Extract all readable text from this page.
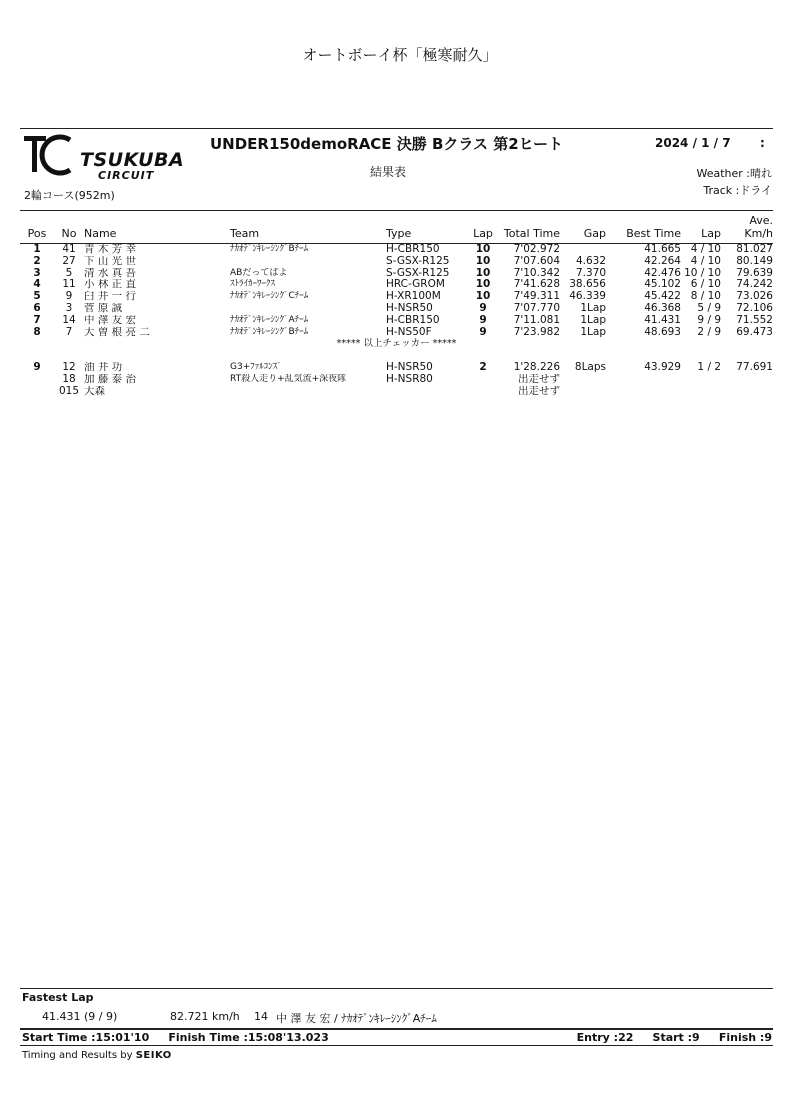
オートボーイ杯「極寒耐久」
TSUKUBA
CIRCUIT
2輪コース(952m)
UNDER150demoRACE 決勝 Bクラス 第2ヒート	2024 / 1 / 7 :
結果表	Weather :晴れ
Track :ドライ
Pos	No	Name	Team	Type	Lap	Total Time	Gap	Best Time	Lap	Ave.
Km/h
1	41	青 木 芳 幸	ﾅｶｵﾃﾞﾝｷﾚｰｼﾝｸﾞBﾁｰﾑ	H-CBR150	10	7'02.972		41.665	4 / 10	81.027
2	27	下 山 光 世		S-GSX-R125	10	7'07.604	4.632	42.264	4 / 10	80.149
3	5	清 水 真 吾	ABだってばよ	S-GSX-R125	10	7'10.342	7.370	42.476	10 / 10	79.639
4	11	小 林 正 直	ｽﾄﾗｲｶｰﾜｰｸｽ	HRC-GROM	10	7'41.628	38.656	45.102	6 / 10	74.242
5	9	臼 井 一 行	ﾅｶｵﾃﾞﾝｷﾚｰｼﾝｸﾞCﾁｰﾑ	H-XR100M	10	7'49.311	46.339	45.422	8 / 10	73.026
6	3	菅 原 誠		H-NSR50	9	7'07.770	1Lap	46.368	5 / 9	72.106
7	14	中 澤 友 宏	ﾅｶｵﾃﾞﾝｷﾚｰｼﾝｸﾞAﾁｰﾑ	H-CBR150	9	7'11.081	1Lap	41.431	9 / 9	71.552
8	7	大 曽 根 亮 二	ﾅｶｵﾃﾞﾝｷﾚｰｼﾝｸﾞBﾁｰﾑ	H-NS50F	9	7'23.982	1Lap	48.693	2 / 9	69.473
***** 以上チェッカー *****										

9	12	油 井 功	G3+ﾌｧﾙｺﾝｽﾞ	H-NSR50	2	1'28.226	8Laps	43.929	1 / 2	77.691
	18	加 藤 泰 治	RT殺人走り+乱気流+深夜隊	H-NSR80		出走せず				
	015	大森				出走せず				
Fastest Lap
41.431 (9 / 9)	82.721 km/h 14 中 澤 友 宏 / ﾅｶｵﾃﾞﾝｷﾚｰｼﾝｸﾞAﾁｰﾑ
Start Time :15:01'10     Finish Time :15:08'13.023	Entry :22     Start :9     Finish :9
Timing and Results by SEIKO
